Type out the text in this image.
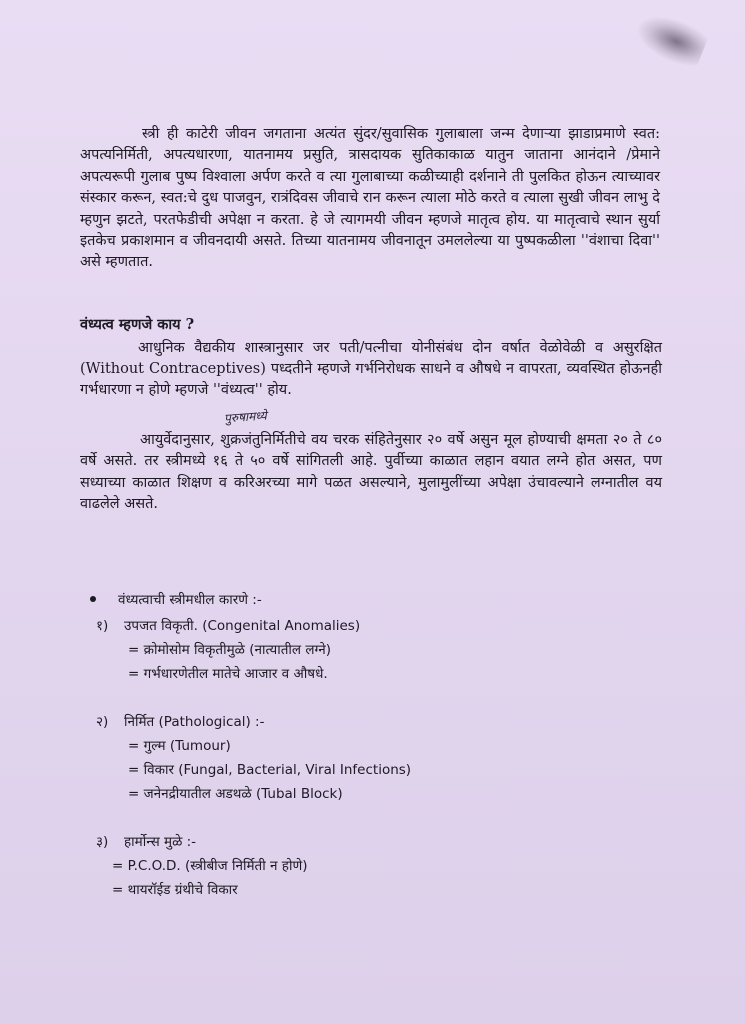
स्त्री ही काटेरी जीवन जगताना अत्यंत सुंदर/सुवासिक गुलाबाला जन्म देणाऱ्या झाडाप्रमाणे स्वत: अपत्यनिर्मिती, अपत्यधारणा, यातनामय प्रसुति, त्रासदायक सुतिकाकाळ यातुन जाताना आनंदाने /प्रेमाने अपत्यरूपी गुलाब पुष्प विश्वाला अर्पण करते व त्या गुलाबाच्या कळीच्याही दर्शनाने ती पुलकित होऊन त्याच्यावर संस्कार करून, स्वत:चे दुध पाजवुन, रात्रंदिवस जीवाचे रान करून त्याला मोठे करते व त्याला सुखी जीवन लाभु दे म्हणुन झटते, परतफेडीची अपेक्षा न करता. हे जे त्यागमयी जीवन म्हणजे मातृत्व होय. या मातृत्वाचे स्थान सुर्या इतकेच प्रकाशमान व जीवनदायी असते. तिच्या यातनामय जीवनातून उमललेल्या या पुष्पकळीला ''वंशाचा दिवा'' असे म्हणतात.

वंध्यत्व म्हणजे काय ?

आधुनिक वैद्यकीय शास्त्रानुसार जर पती/पत्नीचा योनीसंबंध दोन वर्षात वेळोवेळी व असुरक्षित (Without Contraceptives) पध्दतीने म्हणजे गर्भनिरोधक साधने व औषधे न वापरता, व्यवस्थित होऊनही गर्भधारणा न होणे म्हणजे ''वंध्यत्व'' होय.

पुरुषामध्ये

आयुर्वेदानुसार, शुक्रजंतुनिर्मितीचे वय चरक संहितेनुसार २० वर्षे असुन मूल होण्याची क्षमता २० ते ८० वर्षे असते. तर स्त्रीमध्ये १६ ते ५० वर्षे सांगितली आहे. पुर्वीच्या काळात लहान वयात लग्ने होत असत, पण सध्याच्या काळात शिक्षण व करिअरच्या मागे पळत असल्याने, मुलामुलींच्या अपेक्षा उंचावल्याने लग्नातील वय वाढलेले असते.

वंध्यत्वाची स्त्रीमधील कारणे :-
१) उपजत विकृती. (Congenital Anomalies)
= क्रोमोसोम विकृतीमुळे (नात्यातील लग्ने)
= गर्भधारणेतील मातेचे आजार व औषधे.
२) निर्मित (Pathological) :-
= गुल्म (Tumour)
= विकार (Fungal, Bacterial, Viral Infections)
= जनेनद्रीयातील अडथळे (Tubal Block)
३) हार्मोन्स मुळे :-
= P.C.O.D. (स्त्रीबीज निर्मिती न होणे)
= थायरॉईड ग्रंथीचे विकार
